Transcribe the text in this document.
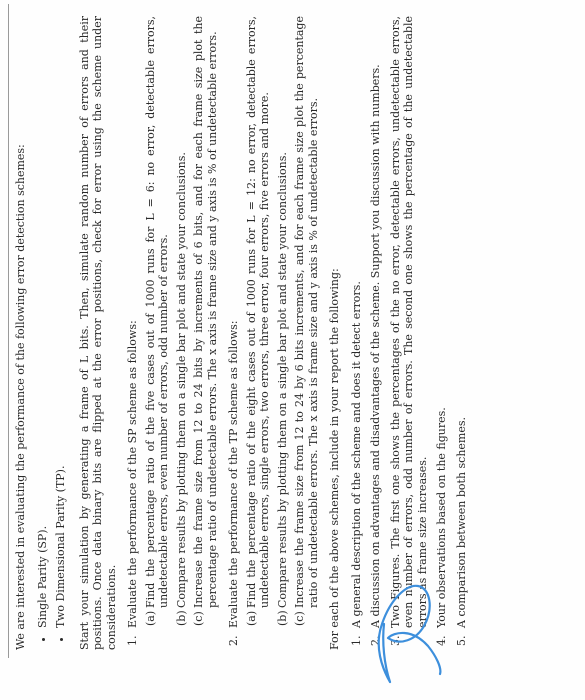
We are interested in evaluating the performance of the following error detection schemes: • Single Parity (SP). • Two Dimensional Parity (TP). Start your simulation by generating a frame of L bits. Then, simulate random number of errors and their positions. Once data binary bits are flipped at the error positions, check for error using the scheme under considerations. 1. Evaluate the performance of the SP scheme as follows: (a)
Find the percentage ratio of the five cases out of 1000 runs for L = 6: no error, detectable errors, undetectable errors, even number of errors, odd number of errors.
(b)
Compare results by plotting them on a single bar plot and state your conclusions.
(c)
Increase the frame size from 12 to 24 bits by increments of 6 bits, and for each frame size plot the percentage ratio of undetectable errors. The x axis is frame size and y axis is % of undetectable errors. 2. Evaluate the performance of the TP scheme as follows: (a)
Find the percentage ratio of the eight cases out of 1000 runs for L = 12: no error, detectable errors, undetectable errors, single errors, two errors, three error, four errors, five errors and more.
(b)
Compare results by plotting them on a single bar plot and state your conclusions.
(c)
Increase the frame size from 12 to 24 by 6 bits increments, and for each frame size plot the percentage ratio of undetectable errors. The x axis is frame size and y axis is % of undetectable errors. For each of the above schemes, include in your report the following: 1. A general description of the scheme and does it detect errors. 2. A discussion on advantages and disadvantages of the scheme. Support you discussion with numbers. 3. Two Figures. The first one shows the percentages of the no error, detectable errors, undetectable errors, even number of errors, odd number of errors. The second one shows the percentage of the undetectable errors as frame size increases. 4. Your observations based on the figures. 5. A comparison between both schemes.
